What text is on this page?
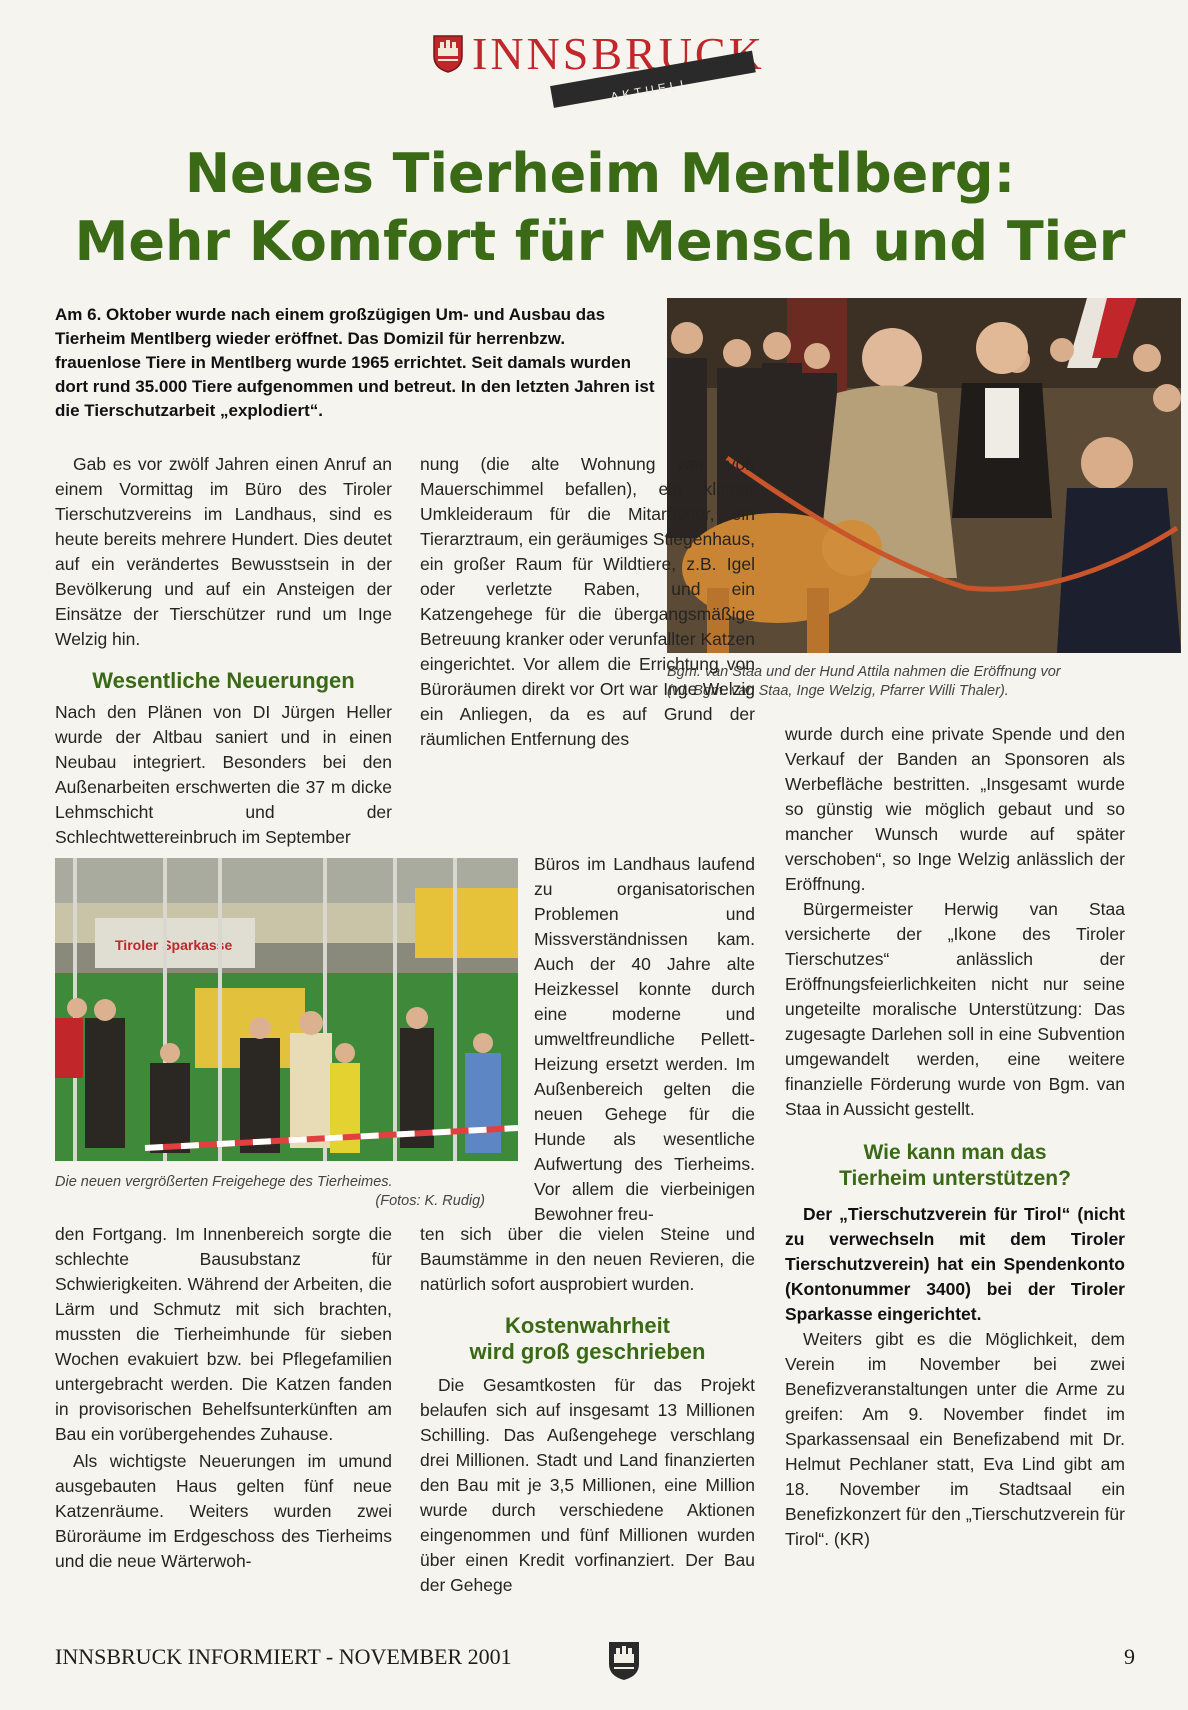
INNSBRUCK
AKTUELL
Neues Tierheim Mentlberg:
Mehr Komfort für Mensch und Tier
Am 6. Oktober wurde nach einem großzügigen Um- und Ausbau das Tierheim Mentlberg wieder eröffnet. Das Domizil für herrenbzw. frauenlose Tiere in Mentlberg wurde 1965 errichtet. Seit damals wurden dort rund 35.000 Tiere aufgenommen und betreut. In den letzten Jahren ist die Tierschutzarbeit „explodiert“.
Bgm. van Staa und der Hund Attila nahmen die Eröffnung vor
(v.l. Bgm. van Staa, Inge Welzig, Pfarrer Willi Thaler).

Gab es vor zwölf Jahren einen Anruf an einem Vormittag im Büro des Tiroler Tierschutzvereins im Landhaus, sind es heute bereits mehrere Hundert. Dies deutet auf ein verändertes Bewusstsein in der Bevölkerung und auf ein Ansteigen der Einsätze der Tierschützer rund um Inge Welzig hin.

Wesentliche Neuerungen

Nach den Plänen von DI Jürgen Heller wurde der Altbau saniert und in einen Neubau integriert. Besonders bei den Außenarbeiten erschwerten die 37 m dicke Lehmschicht und der Schlechtwettereinbruch im September

Tiroler Sparkasse
Die neuen vergrößerten Freigehege des Tierheimes.
(Fotos: K. Rudig)

den Fortgang. Im Innenbereich sorgte die schlechte Bausubstanz für Schwierigkeiten. Während der Arbeiten, die Lärm und Schmutz mit sich brachten, mussten die Tierheimhunde für sieben Wochen evakuiert bzw. bei Pflegefamilien untergebracht werden. Die Katzen fanden in provisorischen Behelfsunterkünften am Bau ein vorübergehendes Zuhause.

Als wichtigste Neuerungen im umund ausgebauten Haus gelten fünf neue Katzenräume. Weiters wurden zwei Büroräume im Erdgeschoss des Tierheims und die neue Wärterwoh-

nung (die alte Wohnung war von Mauerschimmel befallen), ein kleiner Umkleideraum für die Mitarbeiter, ein Tierarztraum, ein geräumiges Stiegenhaus, ein großer Raum für Wildtiere, z.B. Igel oder verletzte Raben, und ein Katzengehege für die übergangsmäßige Betreuung kranker oder verunfallter Katzen eingerichtet. Vor allem die Errichtung von Büroräumen direkt vor Ort war Inge Welzig ein Anliegen, da es auf Grund der räumlichen Entfernung des

Büros im Landhaus laufend zu organisatorischen Problemen und Missverständnissen kam. Auch der 40 Jahre alte Heizkessel konnte durch eine moderne und umweltfreundliche Pellett-Heizung ersetzt werden. Im Außenbereich gelten die neuen Gehege für die Hunde als wesentliche Aufwertung des Tierheims. Vor allem die vierbeinigen Bewohner freu-

ten sich über die vielen Steine und Baumstämme in den neuen Revieren, die natürlich sofort ausprobiert wurden.

Kostenwahrheit
wird groß geschrieben

Die Gesamtkosten für das Projekt belaufen sich auf insgesamt 13 Millionen Schilling. Das Außengehege verschlang drei Millionen. Stadt und Land finanzierten den Bau mit je 3,5 Millionen, eine Million wurde durch verschiedene Aktionen eingenommen und fünf Millionen wurden über einen Kredit vorfinanziert. Der Bau der Gehege

wurde durch eine private Spende und den Verkauf der Banden an Sponsoren als Werbefläche bestritten. „Insgesamt wurde so günstig wie möglich gebaut und so mancher Wunsch wurde auf später verschoben“, so Inge Welzig anlässlich der Eröffnung.

Bürgermeister Herwig van Staa versicherte der „Ikone des Tiroler Tierschutzes“ anlässlich der Eröffnungsfeierlichkeiten nicht nur seine ungeteilte moralische Unterstützung: Das zugesagte Darlehen soll in eine Subvention umgewandelt werden, eine weitere finanzielle Förderung wurde von Bgm. van Staa in Aussicht gestellt.

Wie kann man das
Tierheim unterstützen?

Der „Tierschutzverein für Tirol“ (nicht zu verwechseln mit dem Tiroler Tierschutzverein) hat ein Spendenkonto (Kontonummer 3400) bei der Tiroler Sparkasse eingerichtet.

Weiters gibt es die Möglichkeit, dem Verein im November bei zwei Benefizveranstaltungen unter die Arme zu greifen: Am 9. November findet im Sparkassensaal ein Benefizabend mit Dr. Helmut Pechlaner statt, Eva Lind gibt am 18. November im Stadtsaal ein Benefizkonzert für den „Tierschutzverein für Tirol“. (KR)

INNSBRUCK INFORMIERT - NOVEMBER 2001	9
